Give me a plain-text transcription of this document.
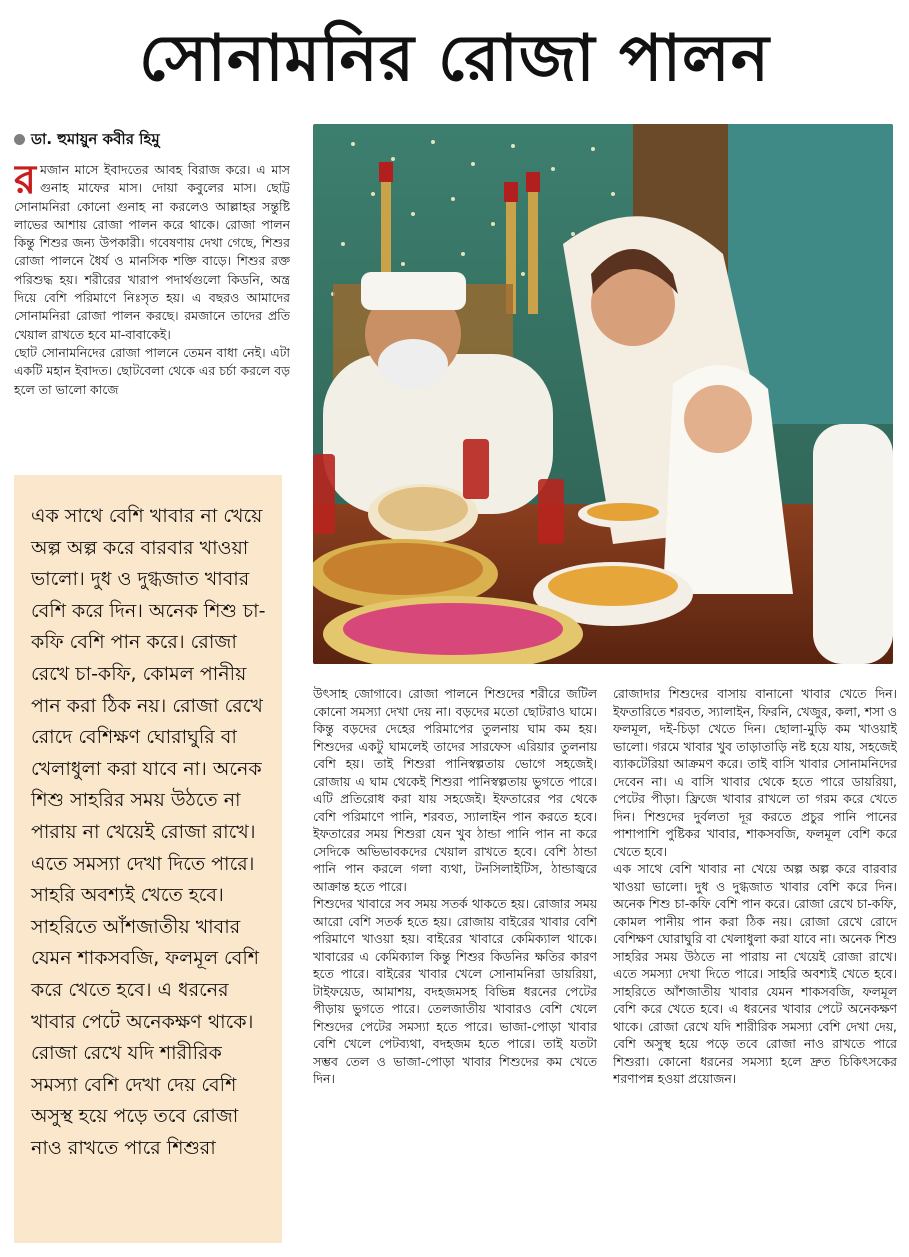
সোনামনির রোজা পালন
ডা. হুমায়ুন কবীর হিমু

রমজান মাসে ইবাদতের আবহ বিরাজ করে। এ মাস গুনাহ মাফের মাস। দোয়া কবুলের মাস। ছোট্ট সোনামনিরা কোনো গুনাহ না করলেও আল্লাহর সন্তুষ্টি লাভের আশায় রোজা পালন করে থাকে। রোজা পালন কিন্তু শিশুর জন্য উপকারী। গবেষণায় দেখা গেছে, শিশুর রোজা পালনে ধৈর্য ও মানসিক শক্তি বাড়ে। শিশুর রক্ত পরিশুদ্ধ হয়। শরীরের খারাপ পদার্থগুলো কিডনি, অন্ত্র দিয়ে বেশি পরিমাণে নিঃসৃত হয়। এ বছরও আমাদের সোনামনিরা রোজা পালন করছে। রমজানে তাদের প্রতি খেয়াল রাখতে হবে মা-বাবাকেই।

ছোট সোনামনিদের রোজা পালনে তেমন বাধা নেই। এটা একটি মহান ইবাদত। ছোটবেলা থেকে এর চর্চা করলে বড় হলে তা ভালো কাজে

এক সাথে বেশি খাবার না খেয়ে অল্প অল্প করে বারবার খাওয়া ভালো। দুধ ও দুগ্ধজাত খাবার বেশি করে দিন। অনেক শিশু চা-কফি বেশি পান করে। রোজা রেখে চা-কফি, কোমল পানীয় পান করা ঠিক নয়। রোজা রেখে রোদে বেশিক্ষণ ঘোরাঘুরি বা খেলাধুলা করা যাবে না। অনেক শিশু সাহরির সময় উঠতে না পারায় না খেয়েই রোজা রাখে। এতে সমস্যা দেখা দিতে পারে। সাহরি অবশ্যই খেতে হবে। সাহরিতে আঁশজাতীয় খাবার যেমন শাকসবজি, ফলমূল বেশি করে খেতে হবে। এ ধরনের খাবার পেটে অনেকক্ষণ থাকে। রোজা রেখে যদি শারীরিক সমস্যা বেশি দেখা দেয় বেশি অসুস্থ হয়ে পড়ে তবে রোজা নাও রাখতে পারে শিশুরা

উৎসাহ জোগাবে। রোজা পালনে শিশুদের শরীরে জটিল কোনো সমস্যা দেখা দেয় না। বড়দের মতো ছোটরাও ঘামে। কিন্তু বড়দের দেহের পরিমাপের তুলনায় ঘাম কম হয়। শিশুদের একটু ঘামলেই তাদের সারফেস এরিয়ার তুলনায় বেশি হয়। তাই শিশুরা পানিস্বল্পতায় ভোগে সহজেই। রোজায় এ ঘাম থেকেই শিশুরা পানিস্বল্পতায় ভুগতে পারে। এটি প্রতিরোধ করা যায় সহজেই। ইফতারের পর থেকে বেশি পরিমাণে পানি, শরবত, স্যালাইন পান করতে হবে। ইফতারের সময় শিশুরা যেন খুব ঠান্ডা পানি পান না করে সেদিকে অভিভাবকদের খেয়াল রাখতে হবে। বেশি ঠান্ডা পানি পান করলে গলা ব্যথা, টনসিলাইটিস, ঠান্ডাজ্বরে আক্রান্ত হতে পারে।

শিশুদের খাবারে সব সময় সতর্ক থাকতে হয়। রোজার সময় আরো বেশি সতর্ক হতে হয়। রোজায় বাইরের খাবার বেশি পরিমাণে খাওয়া হয়। বাইরের খাবারে কেমিক্যাল থাকে। খাবারের এ কেমিক্যাল কিন্তু শিশুর কিডনির ক্ষতির কারণ হতে পারে। বাইরের খাবার খেলে সোনামনিরা ডায়রিয়া, টাইফয়েড, আমাশয়, বদহজমসহ বিভিন্ন ধরনের পেটের পীড়ায় ভুগতে পারে। তেলজাতীয় খাবারও বেশি খেলে শিশুদের পেটের সমস্যা হতে পারে। ভাজা-পোড়া খাবার বেশি খেলে পেটব্যথা, বদহজম হতে পারে। তাই যতটা সম্ভব তেল ও ভাজা-পোড়া খাবার শিশুদের কম খেতে দিন।

রোজাদার শিশুদের বাসায় বানানো খাবার খেতে দিন। ইফতারিতে শরবত, স্যালাইন, ফিরনি, খেজুর, কলা, শসা ও ফলমূল, দই-চিড়া খেতে দিন। ছোলা-মুড়ি কম খাওয়াই ভালো। গরমে খাবার খুব তাড়াতাড়ি নষ্ট হয়ে যায়, সহজেই ব্যাকটেরিয়া আক্রমণ করে। তাই বাসি খাবার সোনামনিদের দেবেন না। এ বাসি খাবার থেকে হতে পারে ডায়রিয়া, পেটের পীড়া। ফ্রিজে খাবার রাখলে তা গরম করে খেতে দিন। শিশুদের দুর্বলতা দূর করতে প্রচুর পানি পানের পাশাপাশি পুষ্টিকর খাবার, শাকসবজি, ফলমূল বেশি করে খেতে হবে।

এক সাথে বেশি খাবার না খেয়ে অল্প অল্প করে বারবার খাওয়া ভালো। দুধ ও দুগ্ধজাত খাবার বেশি করে দিন। অনেক শিশু চা-কফি বেশি পান করে। রোজা রেখে চা-কফি, কোমল পানীয় পান করা ঠিক নয়। রোজা রেখে রোদে বেশিক্ষণ ঘোরাঘুরি বা খেলাধুলা করা যাবে না। অনেক শিশু সাহরির সময় উঠতে না পারায় না খেয়েই রোজা রাখে। এতে সমস্যা দেখা দিতে পারে। সাহরি অবশ্যই খেতে হবে। সাহরিতে আঁশজাতীয় খাবার যেমন শাকসবজি, ফলমূল বেশি করে খেতে হবে। এ ধরনের খাবার পেটে অনেকক্ষণ থাকে। রোজা রেখে যদি শারীরিক সমস্যা বেশি দেখা দেয়, বেশি অসুস্থ হয়ে পড়ে তবে রোজা নাও রাখতে পারে শিশুরা। কোনো ধরনের সমস্যা হলে দ্রুত চিকিৎসকের শরণাপন্ন হওয়া প্রয়োজন।
